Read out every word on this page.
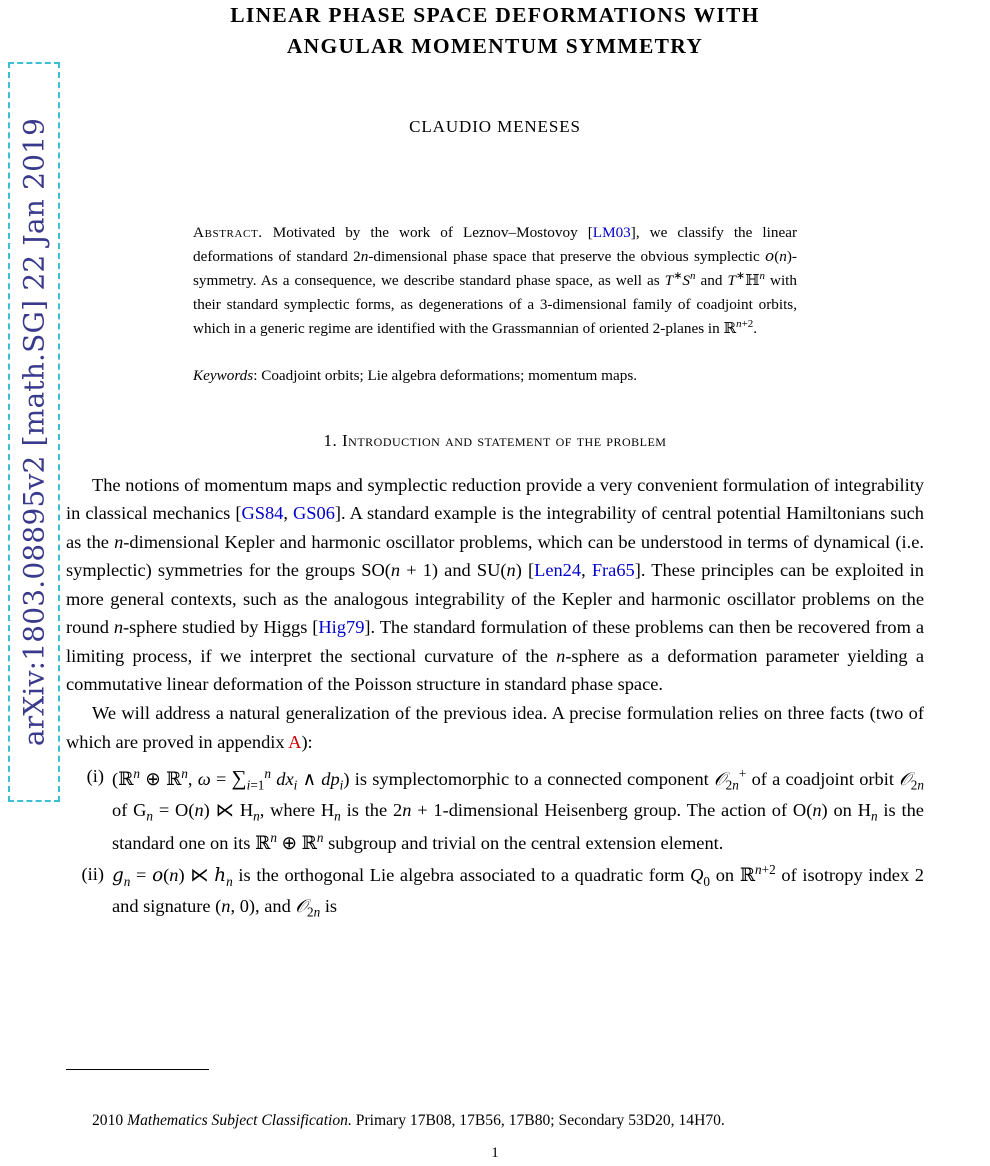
arXiv:1803.08895v2 [math.SG] 22 Jan 2019
LINEAR PHASE SPACE DEFORMATIONS WITH
ANGULAR MOMENTUM SYMMETRY
CLAUDIO MENESES
Abstract. Motivated by the work of Leznov–Mostovoy [LM03], we classify the linear deformations of standard 2n-dimensional phase space that preserve the obvious symplectic o(n)-symmetry. As a consequence, we describe standard phase space, as well as $T^∗S^n$ and T∗ℍ$^n$ with their standard symplectic forms, as degenerations of a 3-dimensional family of coadjoint orbits, which in a generic regime are identified with the Grassmannian of oriented 2-planes in ℝ$^{n+2}$.
Keywords: Coadjoint orbits; Lie algebra deformations; momentum maps.
1. Introduction and statement of the problem

The notions of momentum maps and symplectic reduction provide a very convenient formulation of integrability in classical mechanics [GS84, GS06]. A standard example is the integrability of central potential Hamiltonians such as the n-dimensional Kepler and harmonic oscillator problems, which can be understood in terms of dynamical (i.e. symplectic) symmetries for the groups SO(n + 1) and SU(n) [Len24, Fra65]. These principles can be exploited in more general contexts, such as the analogous integrability of the Kepler and harmonic oscillator problems on the round n-sphere studied by Higgs [Hig79]. The standard formulation of these problems can then be recovered from a limiting process, if we interpret the sectional curvature of the n-sphere as a deformation parameter yielding a commutative linear deformation of the Poisson structure in standard phase space.

We will address a natural generalization of the previous idea. A precise formulation relies on three facts (two of which are proved in appendix A):

(i) (ℝ$^n$ ⊕ ℝ$^n$, $\omega = \sum_{i=1}^n$ $dx_i$ ∧ $dp_i$) is symplectomorphic to a connected component 𝒪$_{2n}$+ of a coadjoint orbit 𝒪$_{2n}$ of $G_n = O(n)$ ⋉ $H_n$, where $H_n$ is the 2n + 1-dimensional Heisenberg group. The action of O(n) on $H_n$ is the standard one on its ℝ$^n$ ⊕ ℝ$^n$ subgroup and trivial on the central extension element.
(ii) $g_n = o(n)$ ⋉ $h_n$ is the orthogonal Lie algebra associated to a quadratic form $Q_0$ on ℝ$^{n+2}$ of isotropy index 2 and signature (n, 0), and 𝒪$_{2n}$ is
2010 Mathematics Subject Classification. Primary 17B08, 17B56, 17B80; Secondary 53D20, 14H70.
1
